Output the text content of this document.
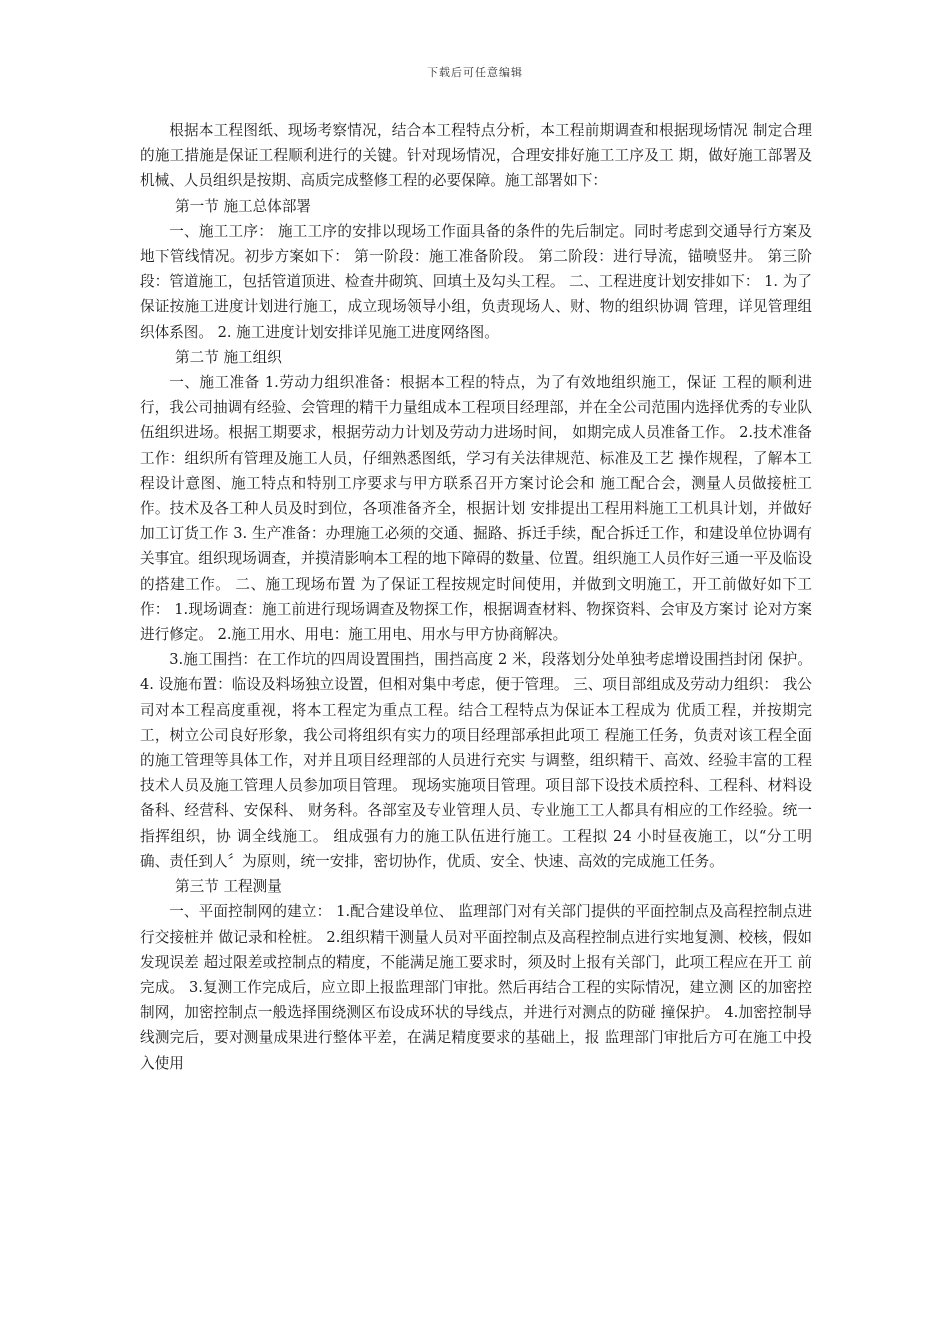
下载后可任意编辑

根据本工程图纸、现场考察情况，结合本工程特点分析，本工程前期调查和根据现场情况 制定合理的施工措施是保证工程顺利进行的关键。针对现场情况，合理安排好施工工序及工 期，做好施工部署及机械、人员组织是按期、高质完成整修工程的必要保障。施工部署如下：

第一节 施工总体部署

一、施工工序： 施工工序的安排以现场工作面具备的条件的先后制定。同时考虑到交通导行方案及 地下管线情况。初步方案如下： 第一阶段：施工准备阶段。 第二阶段：进行导流，锚喷竖井。 第三阶段：管道施工，包括管道顶进、检查井砌筑、回填土及勾头工程。 二、工程进度计划安排如下： 1. 为了保证按施工进度计划进行施工，成立现场领导小组，负责现场人、财、物的组织协调 管理，详见管理组织体系图。 2. 施工进度计划安排详见施工进度网络图。

第二节 施工组织

一、施工准备 1.劳动力组织准备：根据本工程的特点，为了有效地组织施工，保证 工程的顺利进行，我公司抽调有经验、会管理的精干力量组成本工程项目经理部，并在全公司范围内选择优秀的专业队伍组织进场。根据工期要求，根据劳动力计划及劳动力进场时间， 如期完成人员准备工作。 2.技术准备工作：组织所有管理及施工人员，仔细熟悉图纸，学习有关法律规范、标准及工艺 操作规程，了解本工程设计意图、施工特点和特别工序要求与甲方联系召开方案讨论会和 施工配合会，测量人员做接桩工作。技术及各工种人员及时到位，各项准备齐全，根据计划 安排提出工程用料施工工机具计划，并做好加工订货工作 3. 生产准备：办理施工必须的交通、掘路、拆迁手续，配合拆迁工作，和建设单位协调有关事宜。组织现场调查，并摸清影响本工程的地下障碍的数量、位置。组织施工人员作好三通一平及临设的搭建工作。 二、施工现场布置 为了保证工程按规定时间使用，并做到文明施工，开工前做好如下工作： 1.现场调查：施工前进行现场调查及物探工作，根据调查材料、物探资料、会审及方案讨 论对方案进行修定。 2.施工用水、用电：施工用电、用水与甲方协商解决。

3.施工围挡：在工作坑的四周设置围挡，围挡高度 2 米，段落划分处单独考虑增设围挡封闭 保护。 4. 设施布置：临设及料场独立设置，但相对集中考虑，便于管理。 三、项目部组成及劳动力组织： 我公司对本工程高度重视，将本工程定为重点工程。结合工程特点为保证本工程成为 优质工程，并按期完工，树立公司良好形象，我公司将组织有实力的项目经理部承担此项工 程施工任务，负责对该工程全面的施工管理等具体工作，对并且项目经理部的人员进行充实 与调整，组织精干、高效、经验丰富的工程技术人员及施工管理人员参加项目管理。 现场实施项目管理。项目部下设技术质控科、工程科、材料设备科、经营科、安保科、 财务科。各部室及专业管理人员、专业施工工人都具有相应的工作经验。统一指挥组织，协 调全线施工。 组成强有力的施工队伍进行施工。工程拟 24 小时昼夜施工，以“分工明确、责任到人〞为原则，统一安排，密切协作，优质、安全、快速、高效的完成施工任务。

第三节 工程测量

一、平面控制网的建立： 1.配合建设单位、 监理部门对有关部门提供的平面控制点及高程控制点进行交接桩并 做记录和栓桩。 2.组织精干测量人员对平面控制点及高程控制点进行实地复测、校核，假如发现误差 超过限差或控制点的精度，不能满足施工要求时，须及时上报有关部门，此项工程应在开工 前完成。 3.复测工作完成后，应立即上报监理部门审批。然后再结合工程的实际情况，建立测 区的加密控制网，加密控制点一般选择围绕测区布设成环状的导线点，并进行对测点的防碰 撞保护。 4.加密控制导线测完后，要对测量成果进行整体平差，在满足精度要求的基础上，报 监理部门审批后方可在施工中投入使用
